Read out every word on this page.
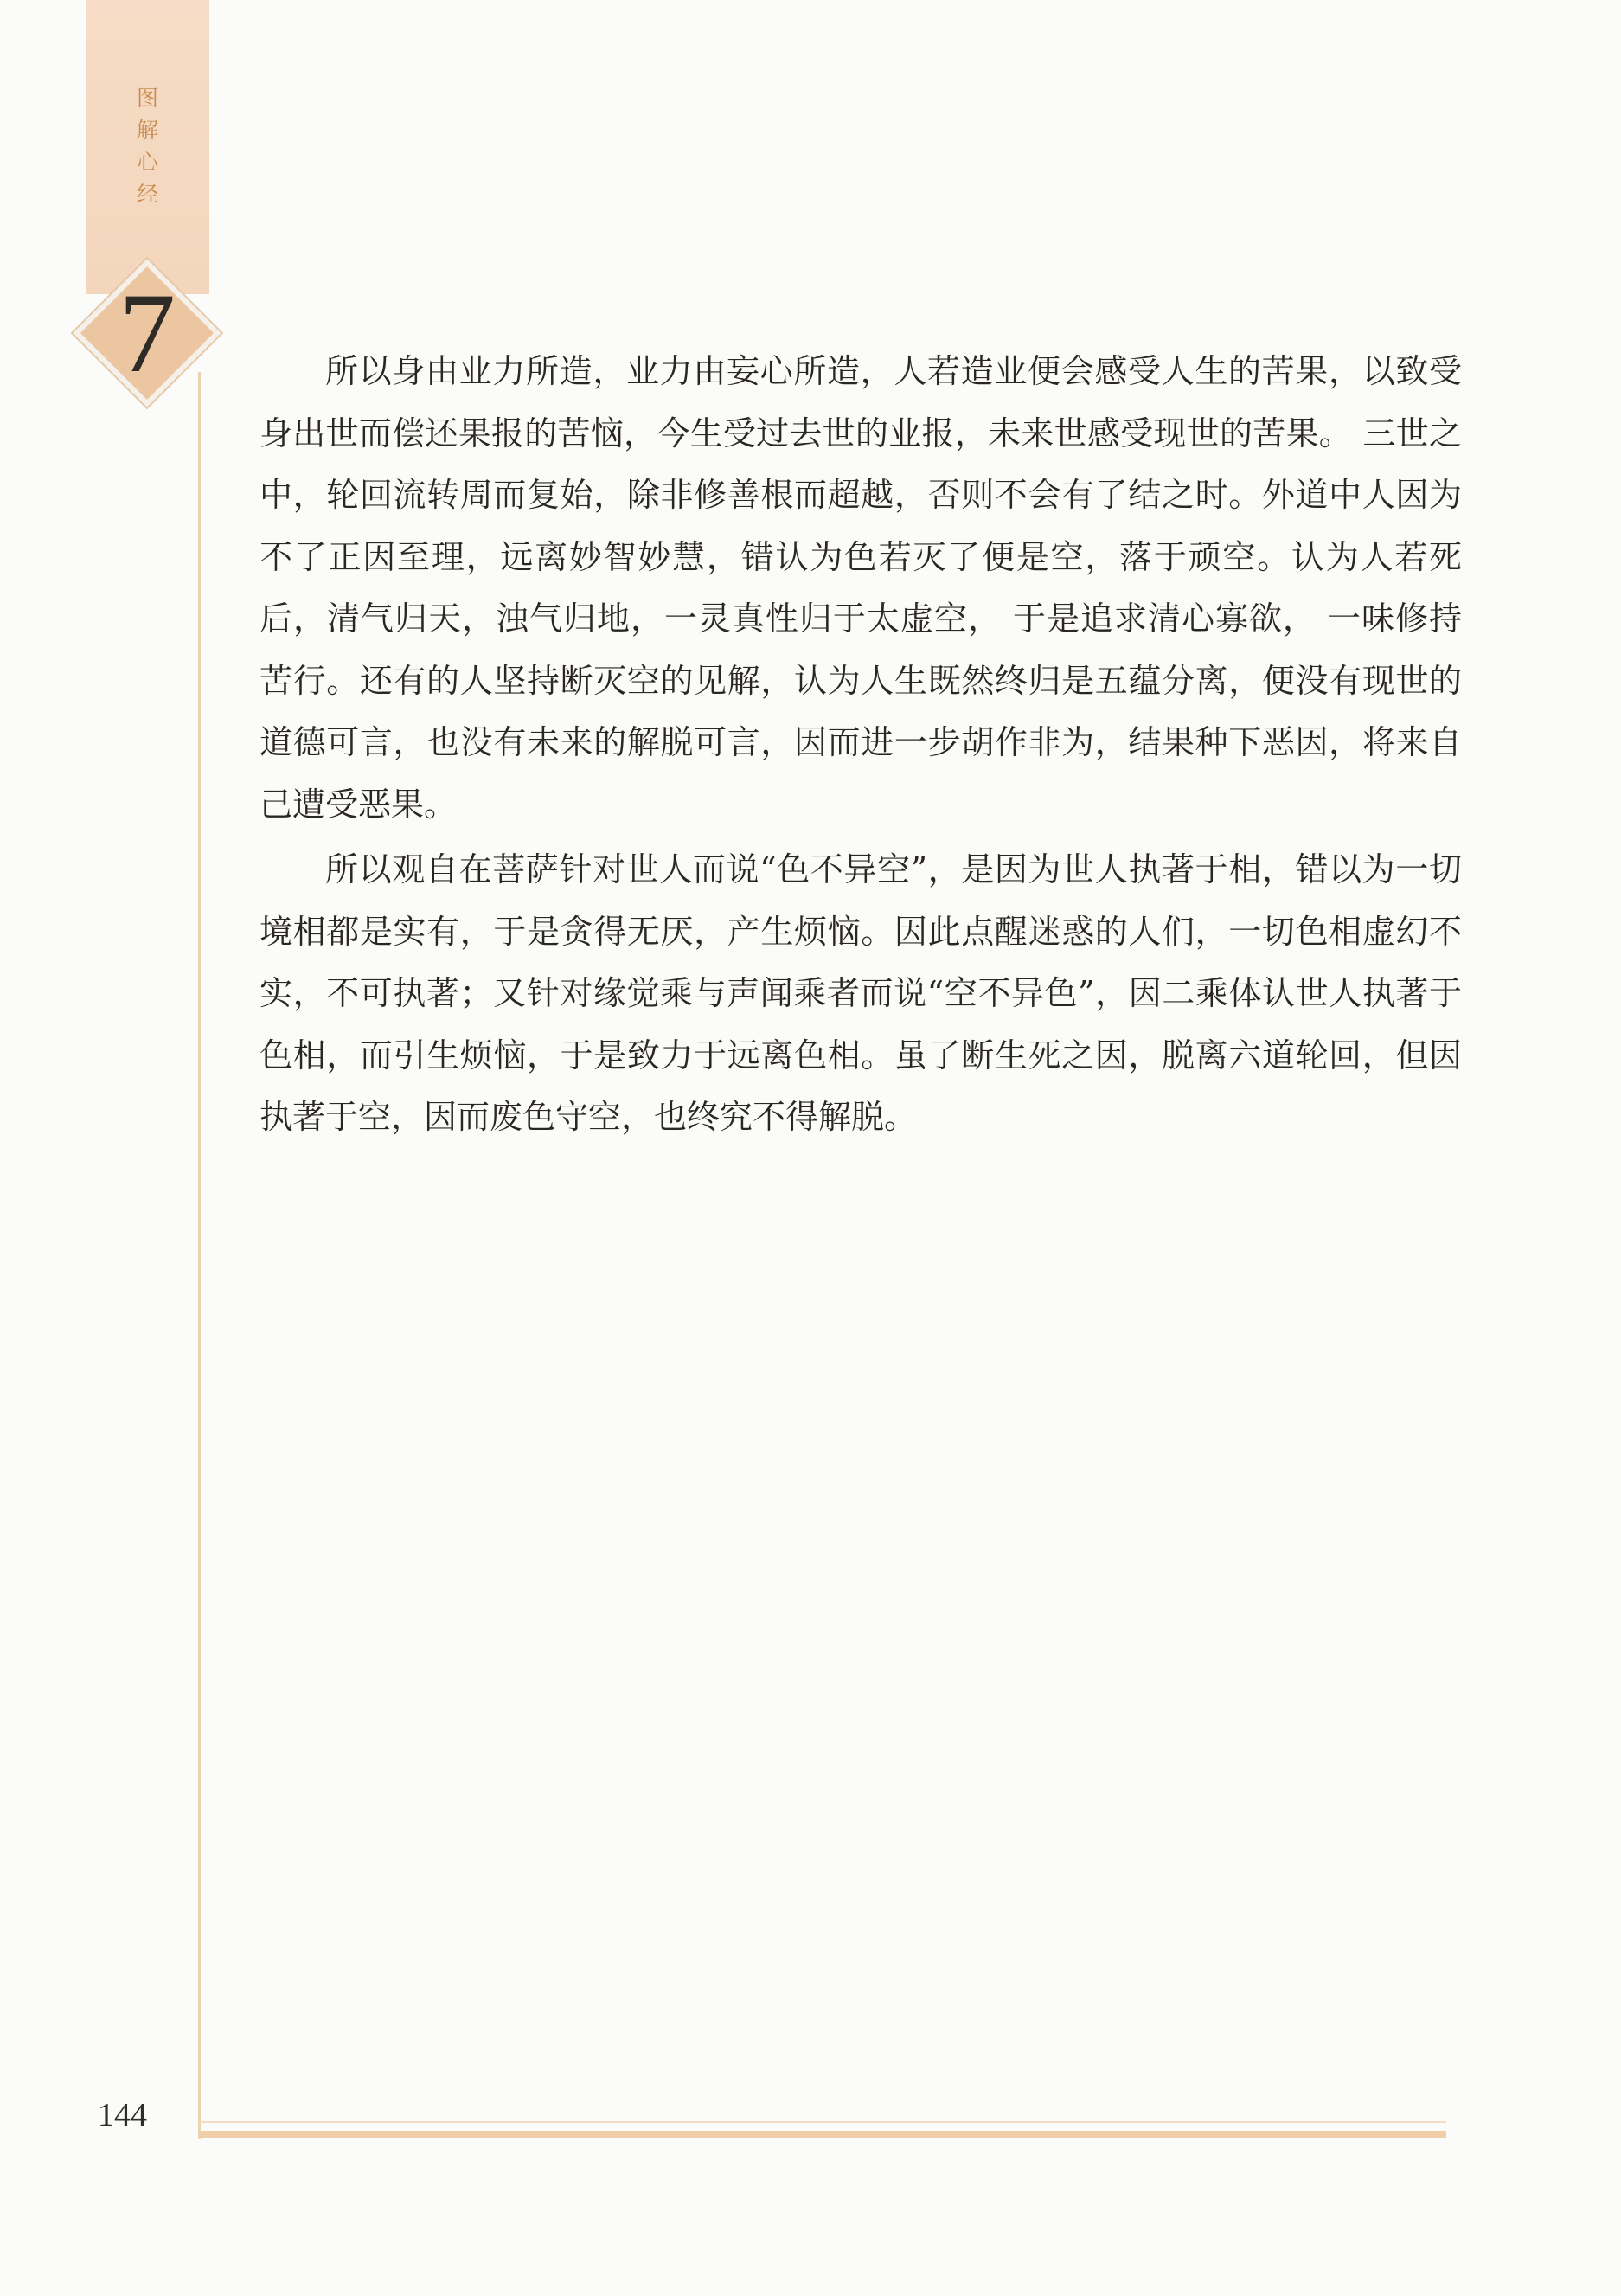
图
解
心
经
7	所以身由业力所造，业力由妄心所造，人若造业便会感受人生的苦果，以致受身出世而偿还果报的苦恼，今生受过去世的业报，未来世感受现世的苦果。 三世之中，轮回流转周而复始，除非修善根而超越，否则不会有了结之时。外道中人因为不了正因至理，远离妙智妙慧，错认为色若灭了便是空，落于顽空。认为人若死后，清气归天，浊气归地，一灵真性归于太虚空， 于是追求清心寡欲， 一味修持苦行。还有的人坚持断灭空的见解，认为人生既然终归是五蕴分离，便没有现世的道德可言，也没有未来的解脱可言，因而进一步胡作非为，结果种下恶因，将来自己遭受恶果。

所以观自在菩萨针对世人而说“色不异空”，是因为世人执著于相，错以为一切境相都是实有，于是贪得无厌，产生烦恼。因此点醒迷惑的人们，一切色相虚幻不实，不可执著；又针对缘觉乘与声闻乘者而说“空不异色”，因二乘体认世人执著于色相，而引生烦恼，于是致力于远离色相。虽了断生死之因，脱离六道轮回，但因执著于空，因而废色守空，也终究不得解脱。

144
